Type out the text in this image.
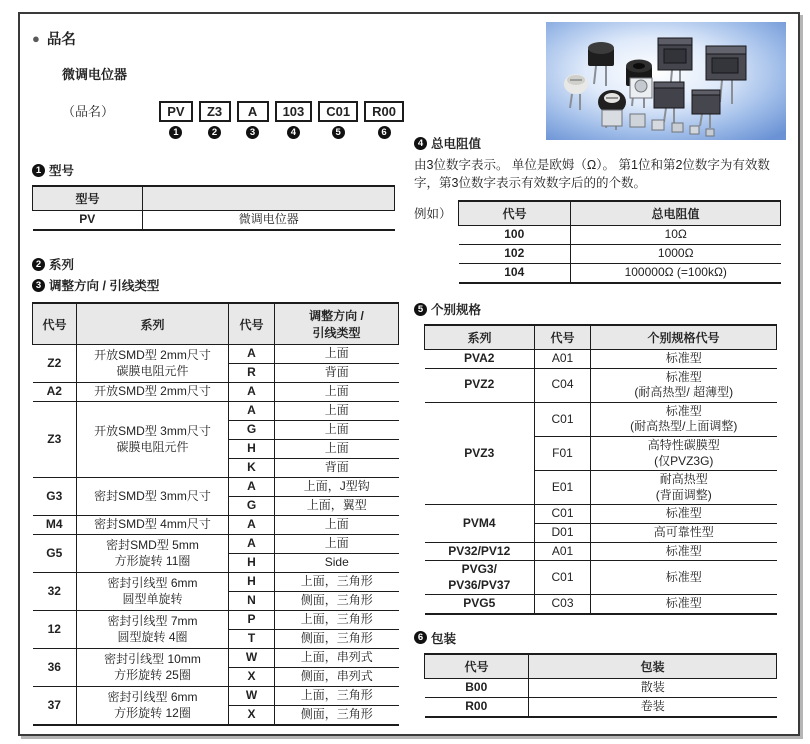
● 品名
微调电位器
（品名）	PV
1
Z3
2
A
3
103
4
C01
5
R00
6
1 型号
型号	
PV	微调电位器
2 系列
3 调整方向 / 引线类型
代号	系列	代号	调整方向 /
引线类型

Z2	开放SMD型 2mm尺寸
碳膜电阻元件	A	上面

		R	背面

A2	开放SMD型 2mm尺寸	A	上面

Z3	开放SMD型 3mm尺寸
碳膜电阻元件	A	上面

		G	上面

		H	上面

		K	背面

G3	密封SMD型 3mm尺寸	A	上面，J型钩

		G	上面，翼型

M4	密封SMD型 4mm尺寸	A	上面

G5	密封SMD型 5mm
方形旋转 11圈	A	上面

		H	Side

32	密封引线型 6mm
圆型单旋转	H	上面，三角形

		N	侧面，三角形

12	密封引线型 7mm
圆型旋转 4圈	P	上面，三角形

		T	侧面，三角形

36	密封引线型 10mm
方形旋转 25圈	W	上面，串列式

		X	侧面，串列式

37	密封引线型 6mm
方形旋转 12圈	W	上面，三角形

		X	侧面，三角形
4 总电阻值
由3位数字表示。 单位是欧姆（Ω）。 第1位和第2位数字为有效数字，第3位数字表示有效数字后的的个数。
例如）	代号	总电阻值

100	10Ω

102	1000Ω

104	100000Ω (=100kΩ)
5 个别规格
系列	代号	个别规格代号

PVA2	A01	标准型

PVZ2	C04	标准型
(耐高热型/ 超薄型)

PVZ3	C01	标准型
(耐高热型/上面调整)

	F01	高特性碳膜型
(仅PVZ3G)

	E01	耐高热型
(背面调整)

PVM4	C01	标准型

	D01	高可靠性型

PV32/PV12	A01	标准型

PVG3/
PV36/PV37	C01	标准型

PVG5	C03	标准型
6 包装
代号	包装

B00	散装

R00	卷装
